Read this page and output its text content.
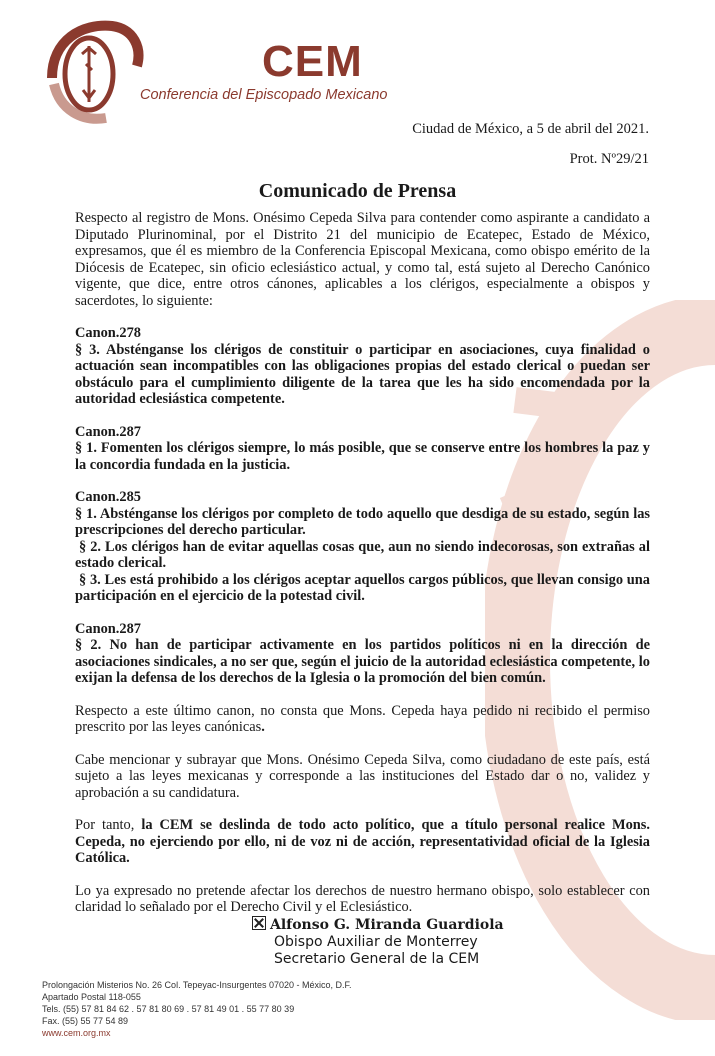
CEM
Conferencia del Episcopado Mexicano
Ciudad de México, a 5 de abril del 2021.
Prot. Nº29/21
Comunicado de Prensa

Respecto al registro de Mons. Onésimo Cepeda Silva para contender como aspirante a candidato a Diputado Plurinominal, por el Distrito 21 del municipio de Ecatepec, Estado de México, expresamos, que él es miembro de la Conferencia Episcopal Mexicana, como obispo emérito de la Diócesis de Ecatepec, sin oficio eclesiástico actual, y como tal, está sujeto al Derecho Canónico vigente, que dice, entre otros cánones, aplicables a los clérigos, especialmente a obispos y sacerdotes, lo siguiente:

Canon.278

§ 3. Absténganse los clérigos de constituir o participar en asociaciones, cuya finalidad o actuación sean incompatibles con las obligaciones propias del estado clerical o puedan ser obstáculo para el cumplimiento diligente de la tarea que les ha sido encomendada por la autoridad eclesiástica competente.

Canon.287

§ 1. Fomenten los clérigos siempre, lo más posible, que se conserve entre los hombres la paz y la concordia fundada en la justicia.

Canon.285

§ 1. Absténganse los clérigos por completo de todo aquello que desdiga de su estado, según las prescripciones del derecho particular.

§ 2. Los clérigos han de evitar aquellas cosas que, aun no siendo indecorosas, son extrañas al estado clerical.

§ 3. Les está prohibido a los clérigos aceptar aquellos cargos públicos, que llevan consigo una participación en el ejercicio de la potestad civil.

Canon.287

§ 2. No han de participar activamente en los partidos políticos ni en la dirección de asociaciones sindicales, a no ser que, según el juicio de la autoridad eclesiástica competente, lo exijan la defensa de los derechos de la Iglesia o la promoción del bien común.

Respecto a este último canon, no consta que Mons. Cepeda haya pedido ni recibido el permiso prescrito por las leyes canónicas.

Cabe mencionar y subrayar que Mons. Onésimo Cepeda Silva, como ciudadano de este país, está sujeto a las leyes mexicanas y corresponde a las instituciones del Estado dar o no, validez y aprobación a su candidatura.

Por tanto, la CEM se deslinda de todo acto político, que a título personal realice Mons. Cepeda, no ejerciendo por ello, ni de voz ni de acción, representatividad oficial de la Iglesia Católica.

Lo ya expresado no pretende afectar los derechos de nuestro hermano obispo, solo establecer con claridad lo señalado por el Derecho Civil y el Eclesiástico.

Alfonso G. Miranda Guardiola
Obispo Auxiliar de Monterrey
Secretario General de la CEM
Prolongación Misterios No. 26 Col. Tepeyac-Insurgentes 07020 - México, D.F.
Apartado Postal 118-055
Tels. (55) 57 81 84 62 . 57 81 80 69 . 57 81 49 01 . 55 77 80 39
Fax. (55) 55 77 54 89
www.cem.org.mx
